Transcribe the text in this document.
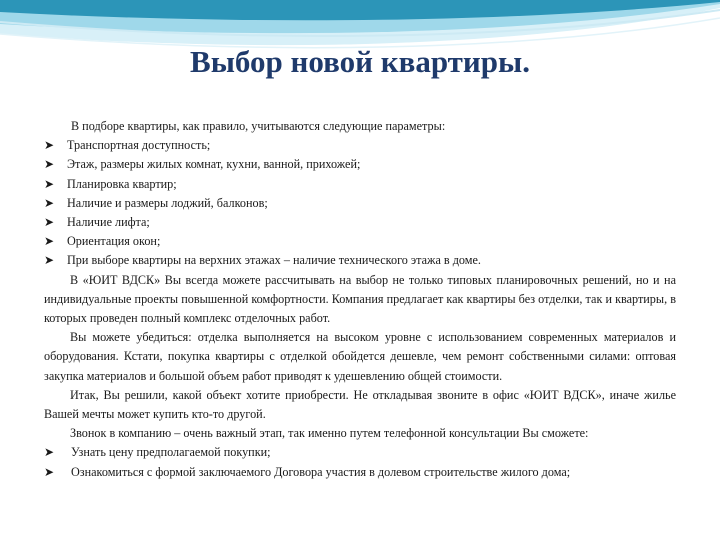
Выбор новой квартиры.
В подборе квартиры, как правило, учитываются следующие параметры:
➤ Транспортная доступность;
➤ Этаж, размеры жилых комнат, кухни, ванной, прихожей;
➤ Планировка квартир;
➤ Наличие и размеры лоджий, балконов;
➤ Наличие лифта;
➤ Ориентация окон;
➤ При выборе квартиры на верхних этажах – наличие технического этажа в доме.

В «ЮИТ ВДСК» Вы всегда можете рассчитывать на выбор не только типовых планировочных решений, но и на индивидуальные проекты повышенной комфортности. Компания предлагает как квартиры без отделки, так и квартиры, в которых проведен полный комплекс отделочных работ.

Вы можете убедиться: отделка выполняется на высоком уровне с использованием современных материалов и оборудования. Кстати, покупка квартиры с отделкой обойдется дешевле, чем ремонт собственными силами: оптовая закупка материалов и большой объем работ приводят к удешевлению общей стоимости.

Итак, Вы решили, какой объект хотите приобрести. Не откладывая звоните в офис «ЮИТ ВДСК», иначе жилье Вашей мечты может купить кто-то другой.

Звонок в компанию – очень важный этап, так именно путем телефонной консультации Вы сможете:

➤ Узнать цену предполагаемой покупки;
➤ Ознакомиться с формой заключаемого Договора участия в долевом строительстве жилого дома;
